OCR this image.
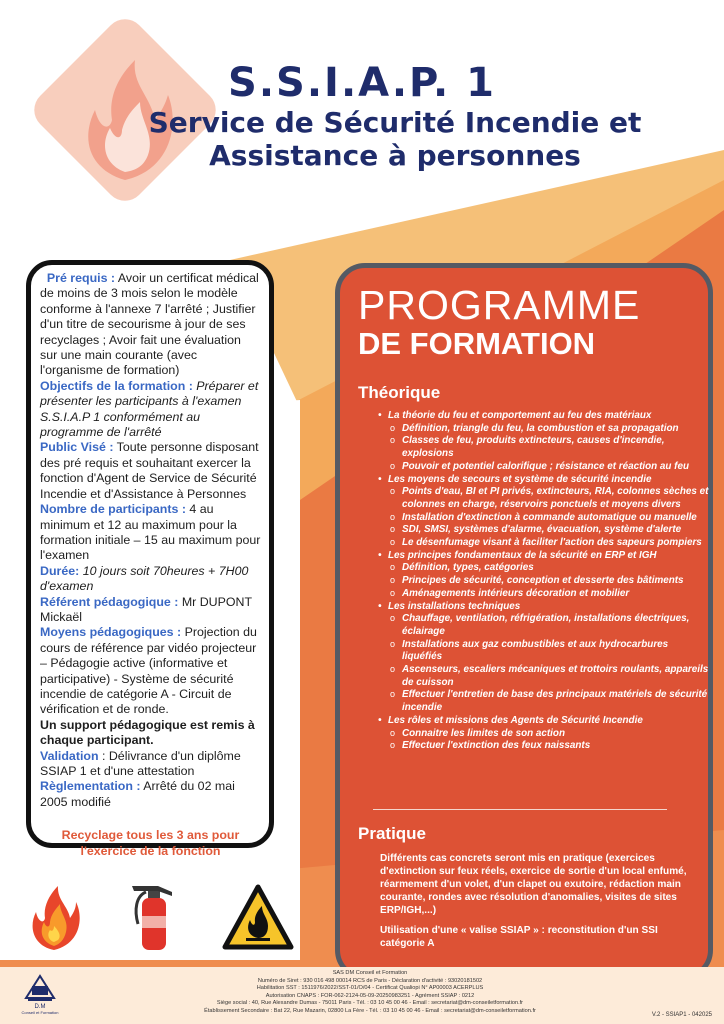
S.S.I.A.P. 1
Service de Sécurité Incendie et
Assistance à personnes

Pré requis : Avoir un certificat médical de moins de 3 mois selon le modèle conforme à l'annexe 7 l'arrêté ; Justifier d'un titre de secourisme à jour de ses recyclages ; Avoir fait une évaluation sur une main courante (avec l'organisme de formation)

Objectifs de la formation : Préparer et présenter les participants à l'examen S.S.I.A.P 1 conformément au programme de l'arrêté

Public Visé : Toute personne disposant des pré requis et souhaitant exercer la fonction d'Agent de Service de Sécurité Incendie et d'Assistance à Personnes

Nombre de participants : 4 au minimum et 12 au maximum pour la formation initiale – 15 au maximum pour l'examen

Durée: 10 jours soit 70heures + 7H00 d'examen

Référent pédagogique : Mr DUPONT Mickaël

Moyens pédagogiques : Projection du cours de référence par vidéo projecteur – Pédagogie active (informative et participative) - Système de sécurité incendie de catégorie A - Circuit de vérification et de ronde.

Un support pédagogique est remis à chaque participant.

Validation : Délivrance d'un diplôme SSIAP 1 et d'une attestation

Règlementation : Arrêté du 02 mai 2005 modifié

Recyclage tous les 3 ans pour l'exercice de la fonction

PROGRAMME
DE FORMATION
Théorique
• La théorie du feu et comportement au feu des matériaux
o Définition, triangle du feu, la combustion et sa propagation
o Classes de feu, produits extincteurs, causes d'incendie, explosions
o Pouvoir et potentiel calorifique ; résistance et réaction au feu
• Les moyens de secours et système de sécurité incendie
o Points d'eau, BI et PI privés, extincteurs, RIA, colonnes sèches et colonnes en charge, réservoirs ponctuels et moyens divers
o Installation d'extinction à commande automatique ou manuelle
o SDI, SMSI, systèmes d'alarme, évacuation, système d'alerte
o Le désenfumage visant à faciliter l'action des sapeurs pompiers
• Les principes fondamentaux de la sécurité en ERP et IGH
o Définition, types, catégories
o Principes de sécurité, conception et desserte des bâtiments
o Aménagements intérieurs décoration et mobilier
• Les installations techniques
o Chauffage, ventilation, réfrigération, installations électriques, éclairage
o Installations aux gaz combustibles et aux hydrocarbures liquéfiés
o Ascenseurs, escaliers mécaniques et trottoirs roulants, appareils de cuisson
o Effectuer l'entretien de base des principaux matériels de sécurité incendie
• Les rôles et missions des Agents de Sécurité Incendie
o Connaitre les limites de son action
o Effectuer l'extinction des feux naissants
Pratique
Différents cas concrets seront mis en pratique (exercices d'extinction sur feux réels, exercice de sortie d'un local enfumé, réarmement d'un volet, d'un clapet ou exutoire, rédaction main courante, rondes avec résolution d'anomalies, visites de sites ERP/IGH,...)
Utilisation d'une « valise SSIAP » : reconstitution d'un SSI catégorie A
D.M
Conseil et Formation

SAS DM Conseil et Formation

Numéro de Siret : 930 016 498 00014 RCS de Paris - Déclaration d'activité : 93020181502

Habilitation SST : 1511976/2022/SST-01/O/04 - Certificat Qualiopi N° AP00003 ACERPLUS

Autorisation CNAPS : FOR-062-2124-05-09-20250983251 - Agrément SSIAP : 0212

Siège social : 40, Rue Alexandre Dumas - 75011 Paris - Tél. : 03 10 45 00 46 - Email : secretariat@dm-conseiletformation.fr

Établissement Secondaire : Bat 22, Rue Mazarin, 02800 La Fère - Tél. : 03 10 45 00 46 - Email : secretariat@dm-conseiletformation.fr

V.2 - SSIAP1 - 042025
